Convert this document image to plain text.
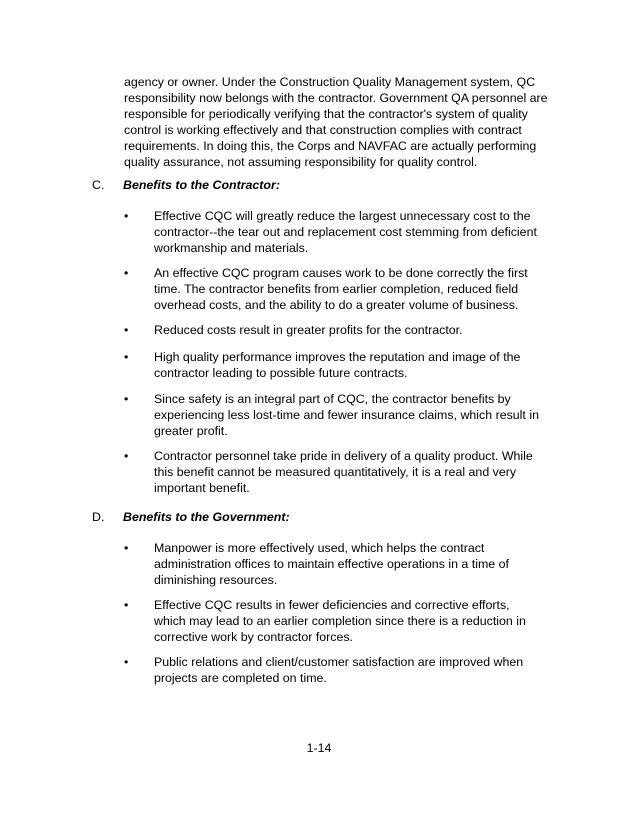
agency or owner. Under the Construction Quality Management system, QC responsibility now belongs with the contractor. Government QA personnel are responsible for periodically verifying that the contractor's system of quality control is working effectively and that construction complies with contract requirements. In doing this, the Corps and NAVFAC are actually performing quality assurance, not assuming responsibility for quality control.

C. Benefits to the Contractor:
•	Effective CQC will greatly reduce the largest unnecessary cost to the contractor--the tear out and replacement cost stemming from deficient workmanship and materials.

•	An effective CQC program causes work to be done correctly the first time. The contractor benefits from earlier completion, reduced field overhead costs, and the ability to do a greater volume of business.

•	Reduced costs result in greater profits for the contractor.

•	High quality performance improves the reputation and image of the contractor leading to possible future contracts.

•	Since safety is an integral part of CQC, the contractor benefits by experiencing less lost-time and fewer insurance claims, which result in greater profit.

•	Contractor personnel take pride in delivery of a quality product. While this benefit cannot be measured quantitatively, it is a real and very important benefit.

D. Benefits to the Government:
•	Manpower is more effectively used, which helps the contract administration offices to maintain effective operations in a time of diminishing resources.

•	Effective CQC results in fewer deficiencies and corrective efforts, which may lead to an earlier completion since there is a reduction in corrective work by contractor forces.

•	Public relations and client/customer satisfaction are improved when projects are completed on time.

1-14
